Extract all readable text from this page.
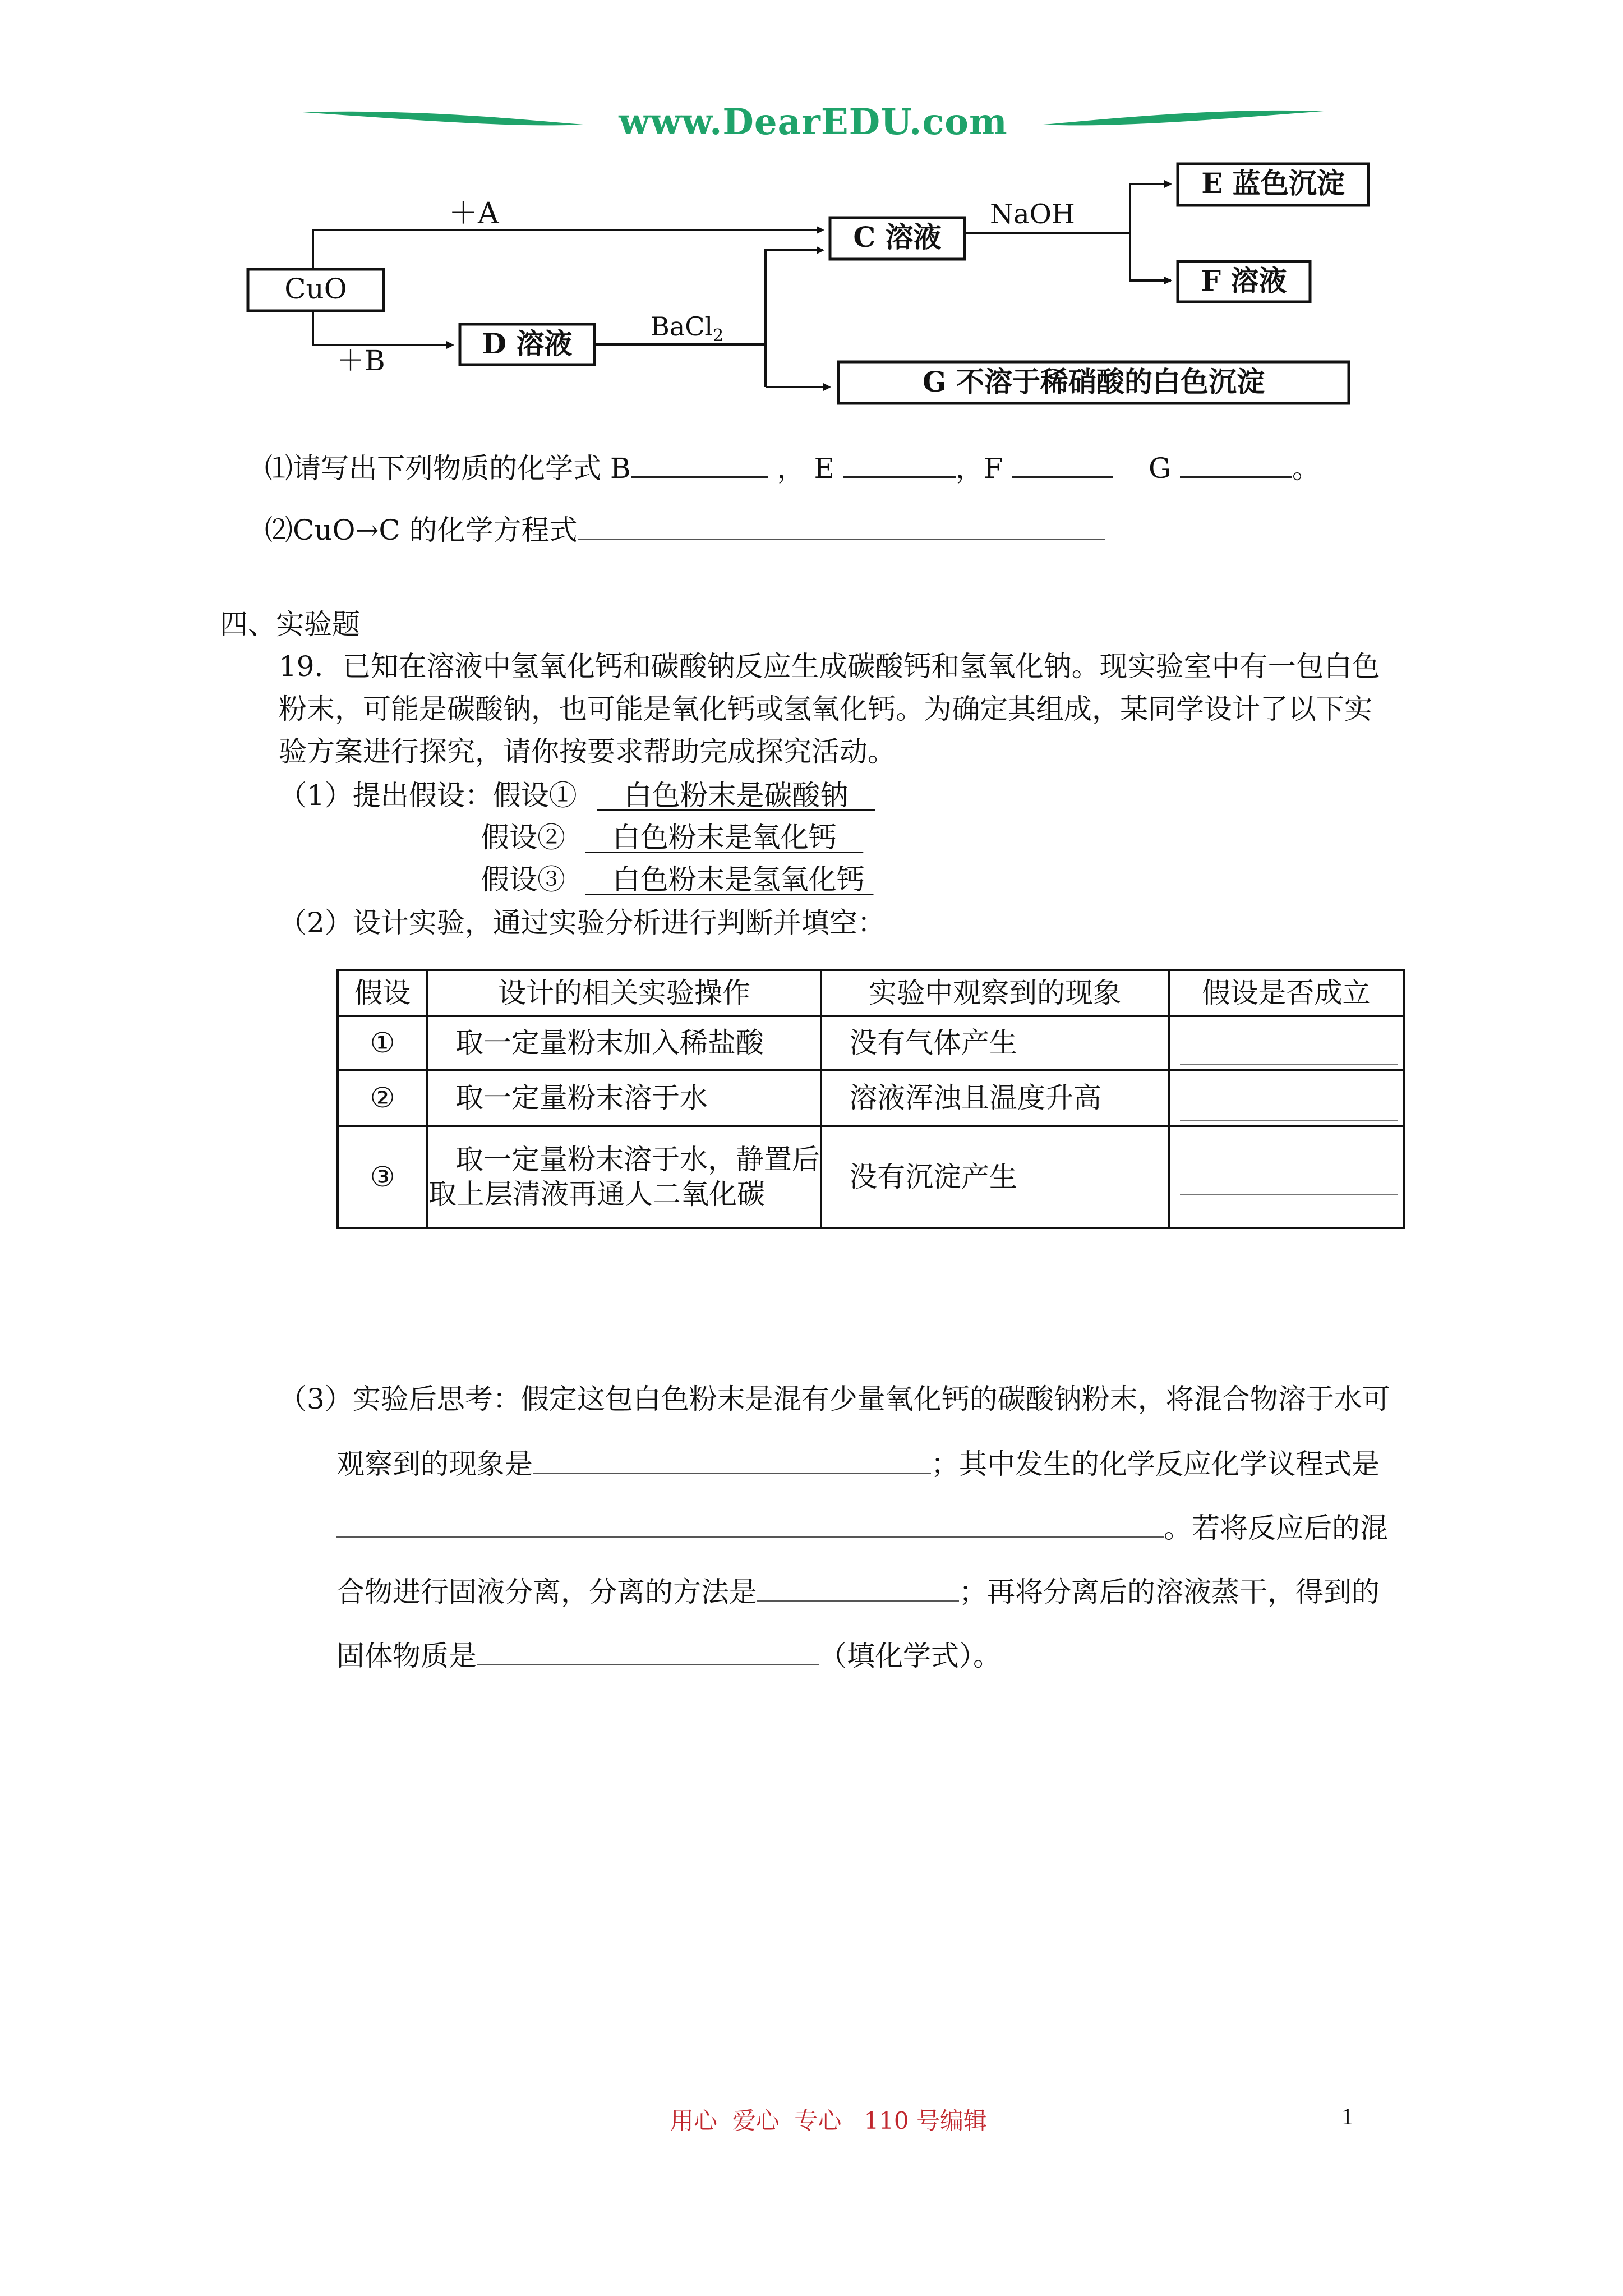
www.DearEDU.com
CuO
＋A
＋B
D 溶液
BaCl$_2$
C 溶液
NaOH
E 蓝色沉淀
F 溶液
G 不溶于稀硝酸的白色沉淀
⑴请写出下列物质的化学式 B	， E	，F	G	。
⑵CuO→C 的化学方程式
四、实验题
19．已知在溶液中氢氧化钙和碳酸钠反应生成碳酸钙和氢氧化钠。现实验室中有一包白色
粉末，可能是碳酸钠，也可能是氧化钙或氢氧化钙。为确定其组成，某同学设计了以下实
验方案进行探究，请你按要求帮助完成探究活动。
（1）提出假设：假设①    白色粉末是碳酸钠
假设②    白色粉末是氧化钙
假设③    白色粉末是氢氧化钙
（2）设计实验，通过实验分析进行判断并填空：
假设	设计的相关实验操作	实验中观察到的现象	假设是否成立
①	取一定量粉末加入稀盐酸	没有气体产生	

②	取一定量粉末溶于水	溶液浑浊且温度升高	

③	取一定量粉末溶于水，静置后
取上层清液再通人二氧化碳	没有沉淀产生	
（3）实验后思考：假定这包白色粉末是混有少量氧化钙的碳酸钠粉末，将混合物溶于水可
观察到的现象是	；其中发生的化学反应化学议程式是
。若将反应后的混
合物进行固液分离，分离的方法是	；再将分离后的溶液蒸干，得到的
固体物质是	（填化学式）。
用心  爱心  专心   110 号编辑	1
